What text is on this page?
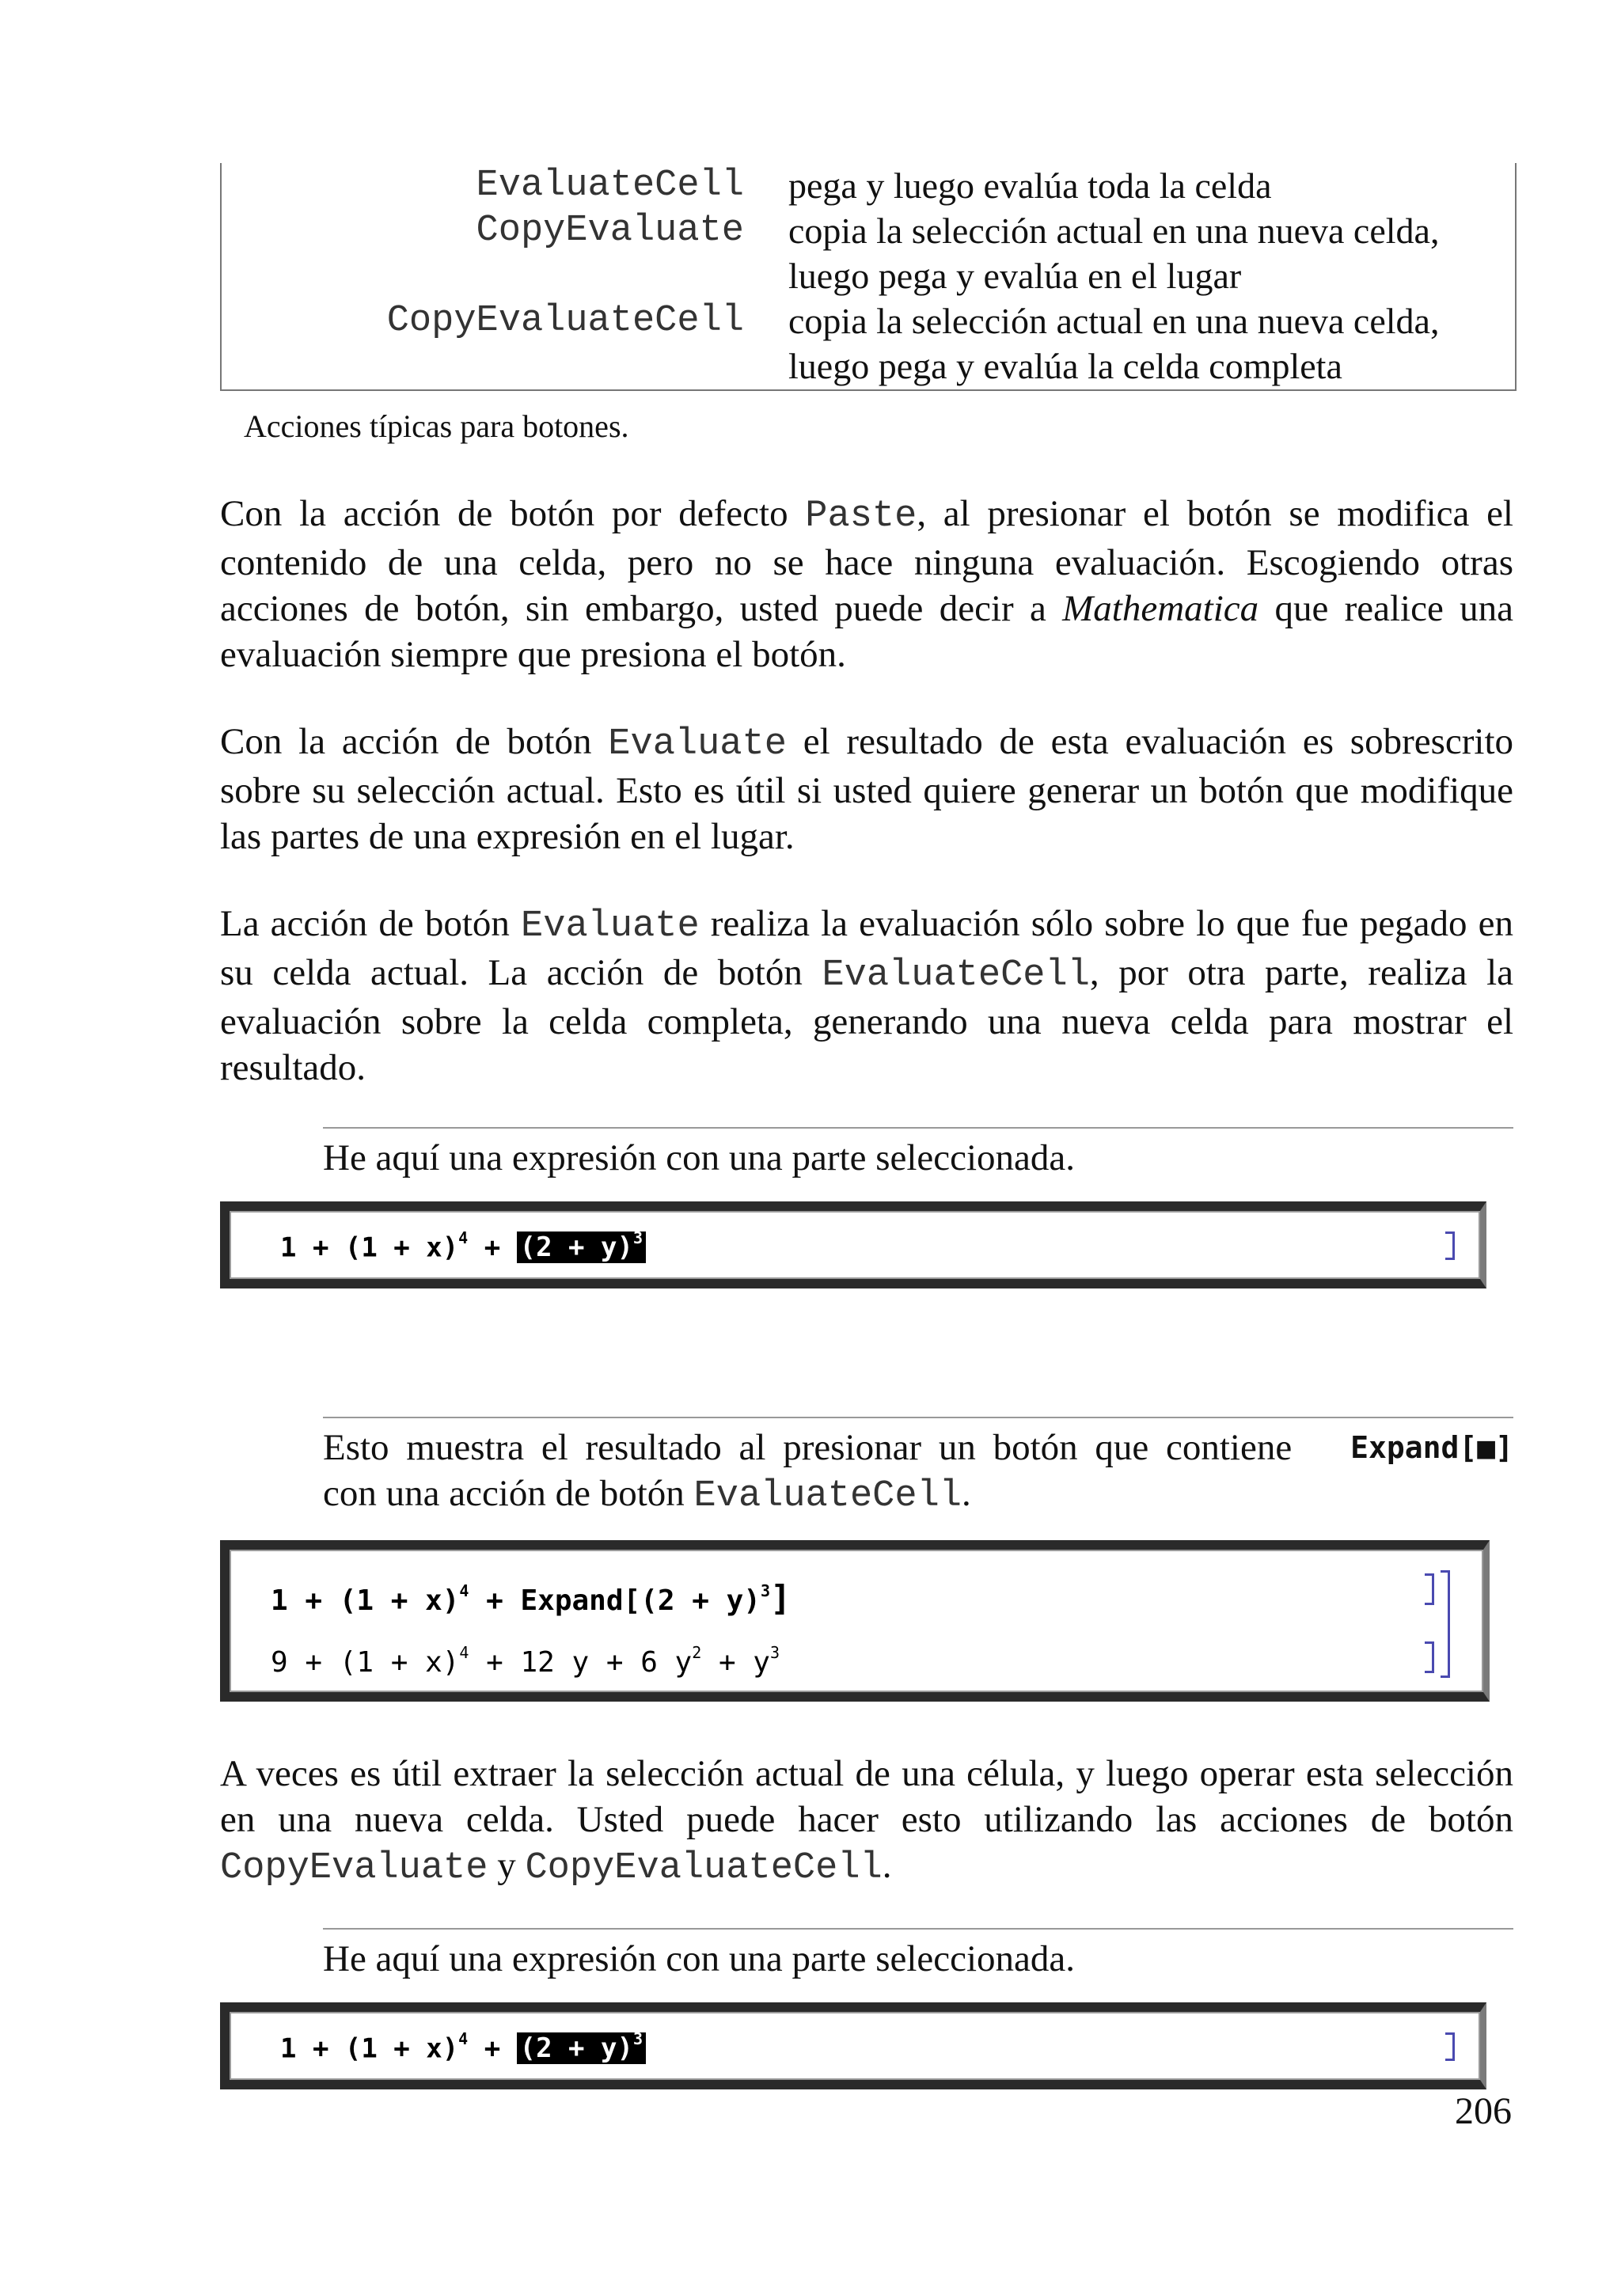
EvaluateCell pega y luego evalúa toda la celda
CopyEvaluate copia la selección actual en una nueva celda,
luego pega y evalúa en el lugar
CopyEvaluateCell copia la selección actual en una nueva celda,
luego pega y evalúa la celda completa
Acciones típicas para botones.

Con la acción de botón por defecto Paste, al presionar el botón se modifica el contenido de una celda, pero no se hace ninguna evaluación. Escogiendo otras acciones de botón, sin embargo, usted puede decir a Mathematica que realice una evaluación siempre que presiona el botón.

Con la acción de botón Evaluate el resultado de esta evaluación es sobrescrito sobre su selección actual. Esto es útil si usted quiere generar un botón que modifique las partes de una expresión en el lugar.

La acción de botón Evaluate realiza la evaluación sólo sobre lo que fue pegado en su celda actual. La acción de botón EvaluateCell, por otra parte, realiza la evaluación sobre la celda completa, generando una nueva celda para mostrar el resultado.

He aquí una expresión con una parte seleccionada.
$1 + (1 + x)^4 + (2 + y)^3$
Esto muestra el resultado al presionar un botón que contiene Expand[■]
con una acción de botón EvaluateCell.
$1 + (1 + x)^4$ + Expand[(2 + y)$^3$]
$9 + (1 + x)^4 + 12$ y + 6 $y^2 + y^3$

A veces es útil extraer la selección actual de una célula, y luego operar esta selección en una nueva celda. Usted puede hacer esto utilizando las acciones de botón CopyEvaluate y CopyEvaluateCell.

He aquí una expresión con una parte seleccionada.
$1 + (1 + x)^4 + (2 + y)^3$
206
